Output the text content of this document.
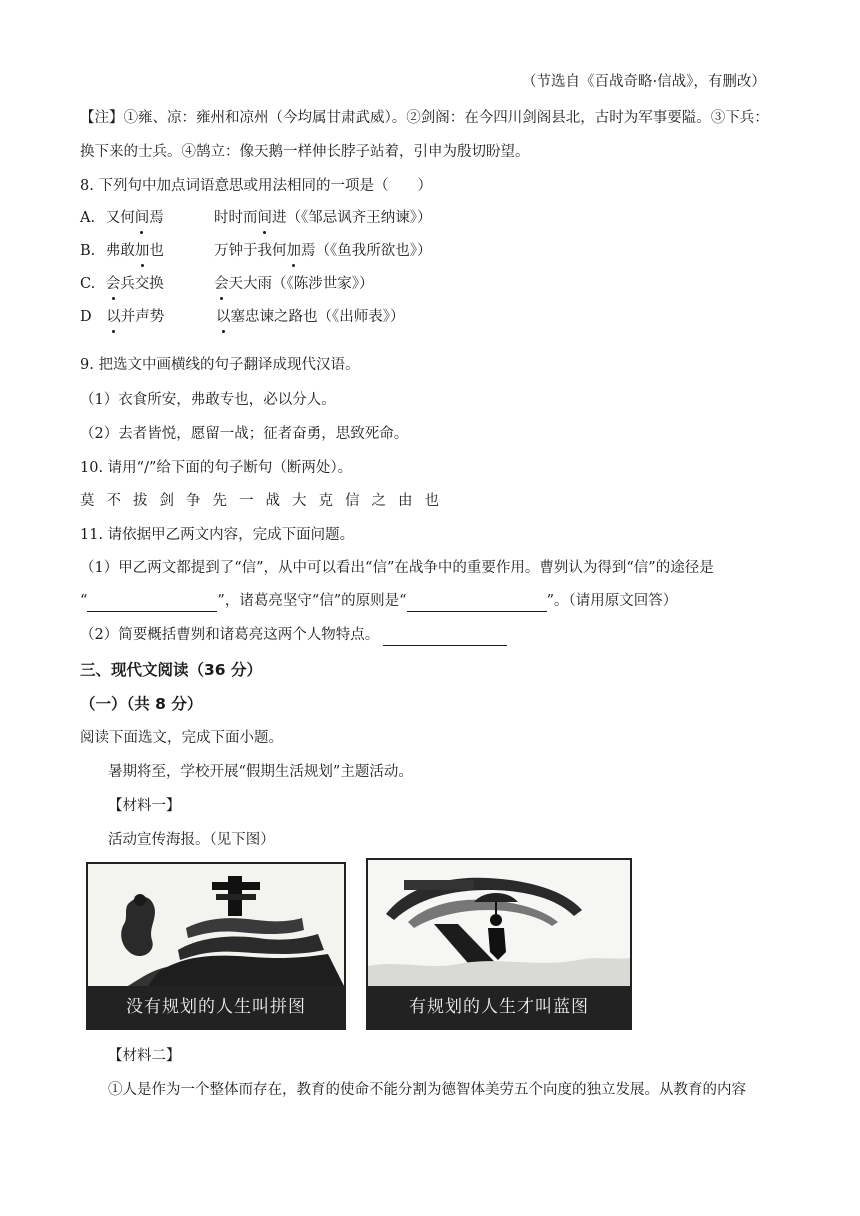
（节选自《百战奇略·信战》，有删改）
【注】①雍、凉：雍州和凉州（今均属甘肃武威）。②剑阁：在今四川剑阁县北，古时为军事要隘。③下兵：
换下来的士兵。④鹄立：像天鹅一样伸长脖子站着，引申为殷切盼望。
8. 下列句中加点词语意思或用法相同的一项是（　　）
A. 又何间焉	时时而间进（《邹忌讽齐王纳谏》）
B. 弗敢加也	万钟于我何加焉（《鱼我所欲也》）
C. 会兵交换	会天大雨（《陈涉世家》）
D 以并声势	以塞忠谏之路也（《出师表》）
9. 把选文中画横线的句子翻译成现代汉语。
（1）衣食所安，弗敢专也，必以分人。
（2）去者皆悦，愿留一战；征者奋勇，思致死命。
10. 请用“/”给下面的句子断句（断两处）。
莫 不 拔 剑 争 先 一 战 大 克 信 之 由 也
11. 请依据甲乙两文内容，完成下面问题。
（1）甲乙两文都提到了“信”，从中可以看出“信”在战争中的重要作用。曹刿认为得到“信”的途径是
“	”，诸葛亮坚守“信”的原则是“	”。（请用原文回答）
（2）简要概括曹刿和诸葛亮这两个人物特点。
三、现代文阅读（36 分）
（一）（共 8 分）
阅读下面选文，完成下面小题。
暑期将至，学校开展“假期生活规划”主题活动。
【材料一】
活动宣传海报。（见下图）
没有规划的人生叫拼图	有规划的人生才叫蓝图
【材料二】
①人是作为一个整体而存在，教育的使命不能分割为德智体美劳五个向度的独立发展。从教育的内容
